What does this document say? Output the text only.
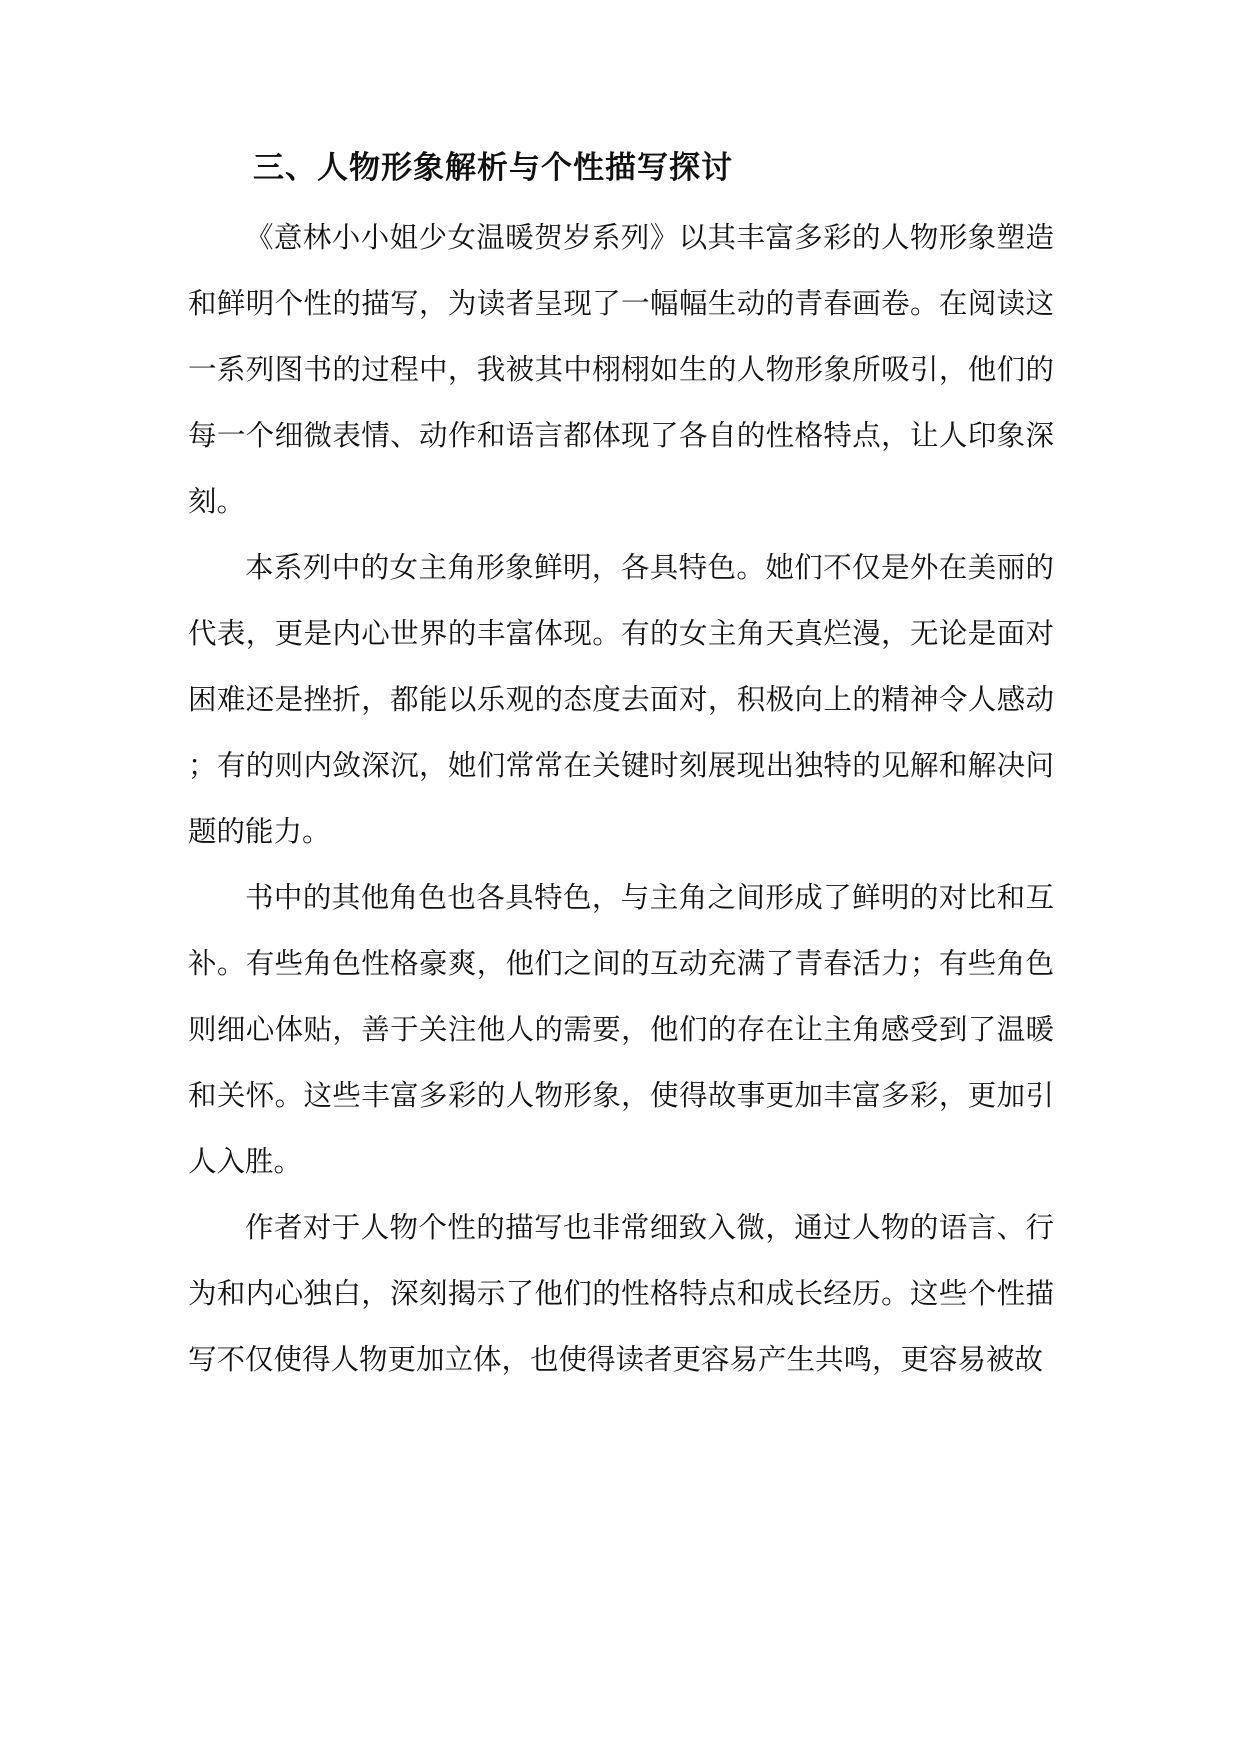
三、人物形象解析与个性描写探讨

《意林小小姐少女温暖贺岁系列》以其丰富多彩的人物形象塑造和鲜明个性的描写，为读者呈现了一幅幅生动的青春画卷。在阅读这一系列图书的过程中，我被其中栩栩如生的人物形象所吸引，他们的每一个细微表情、动作和语言都体现了各自的性格特点，让人印象深刻。

本系列中的女主角形象鲜明，各具特色。她们不仅是外在美丽的代表，更是内心世界的丰富体现。有的女主角天真烂漫，无论是面对困难还是挫折，都能以乐观的态度去面对，积极向上的精神令人感动；有的则内敛深沉，她们常常在关键时刻展现出独特的见解和解决问题的能力。

书中的其他角色也各具特色，与主角之间形成了鲜明的对比和互补。有些角色性格豪爽，他们之间的互动充满了青春活力；有些角色则细心体贴，善于关注他人的需要，他们的存在让主角感受到了温暖和关怀。这些丰富多彩的人物形象，使得故事更加丰富多彩，更加引人入胜。

作者对于人物个性的描写也非常细致入微，通过人物的语言、行为和内心独白，深刻揭示了他们的性格特点和成长经历。这些个性描写不仅使得人物更加立体，也使得读者更容易产生共鸣，更容易被故
